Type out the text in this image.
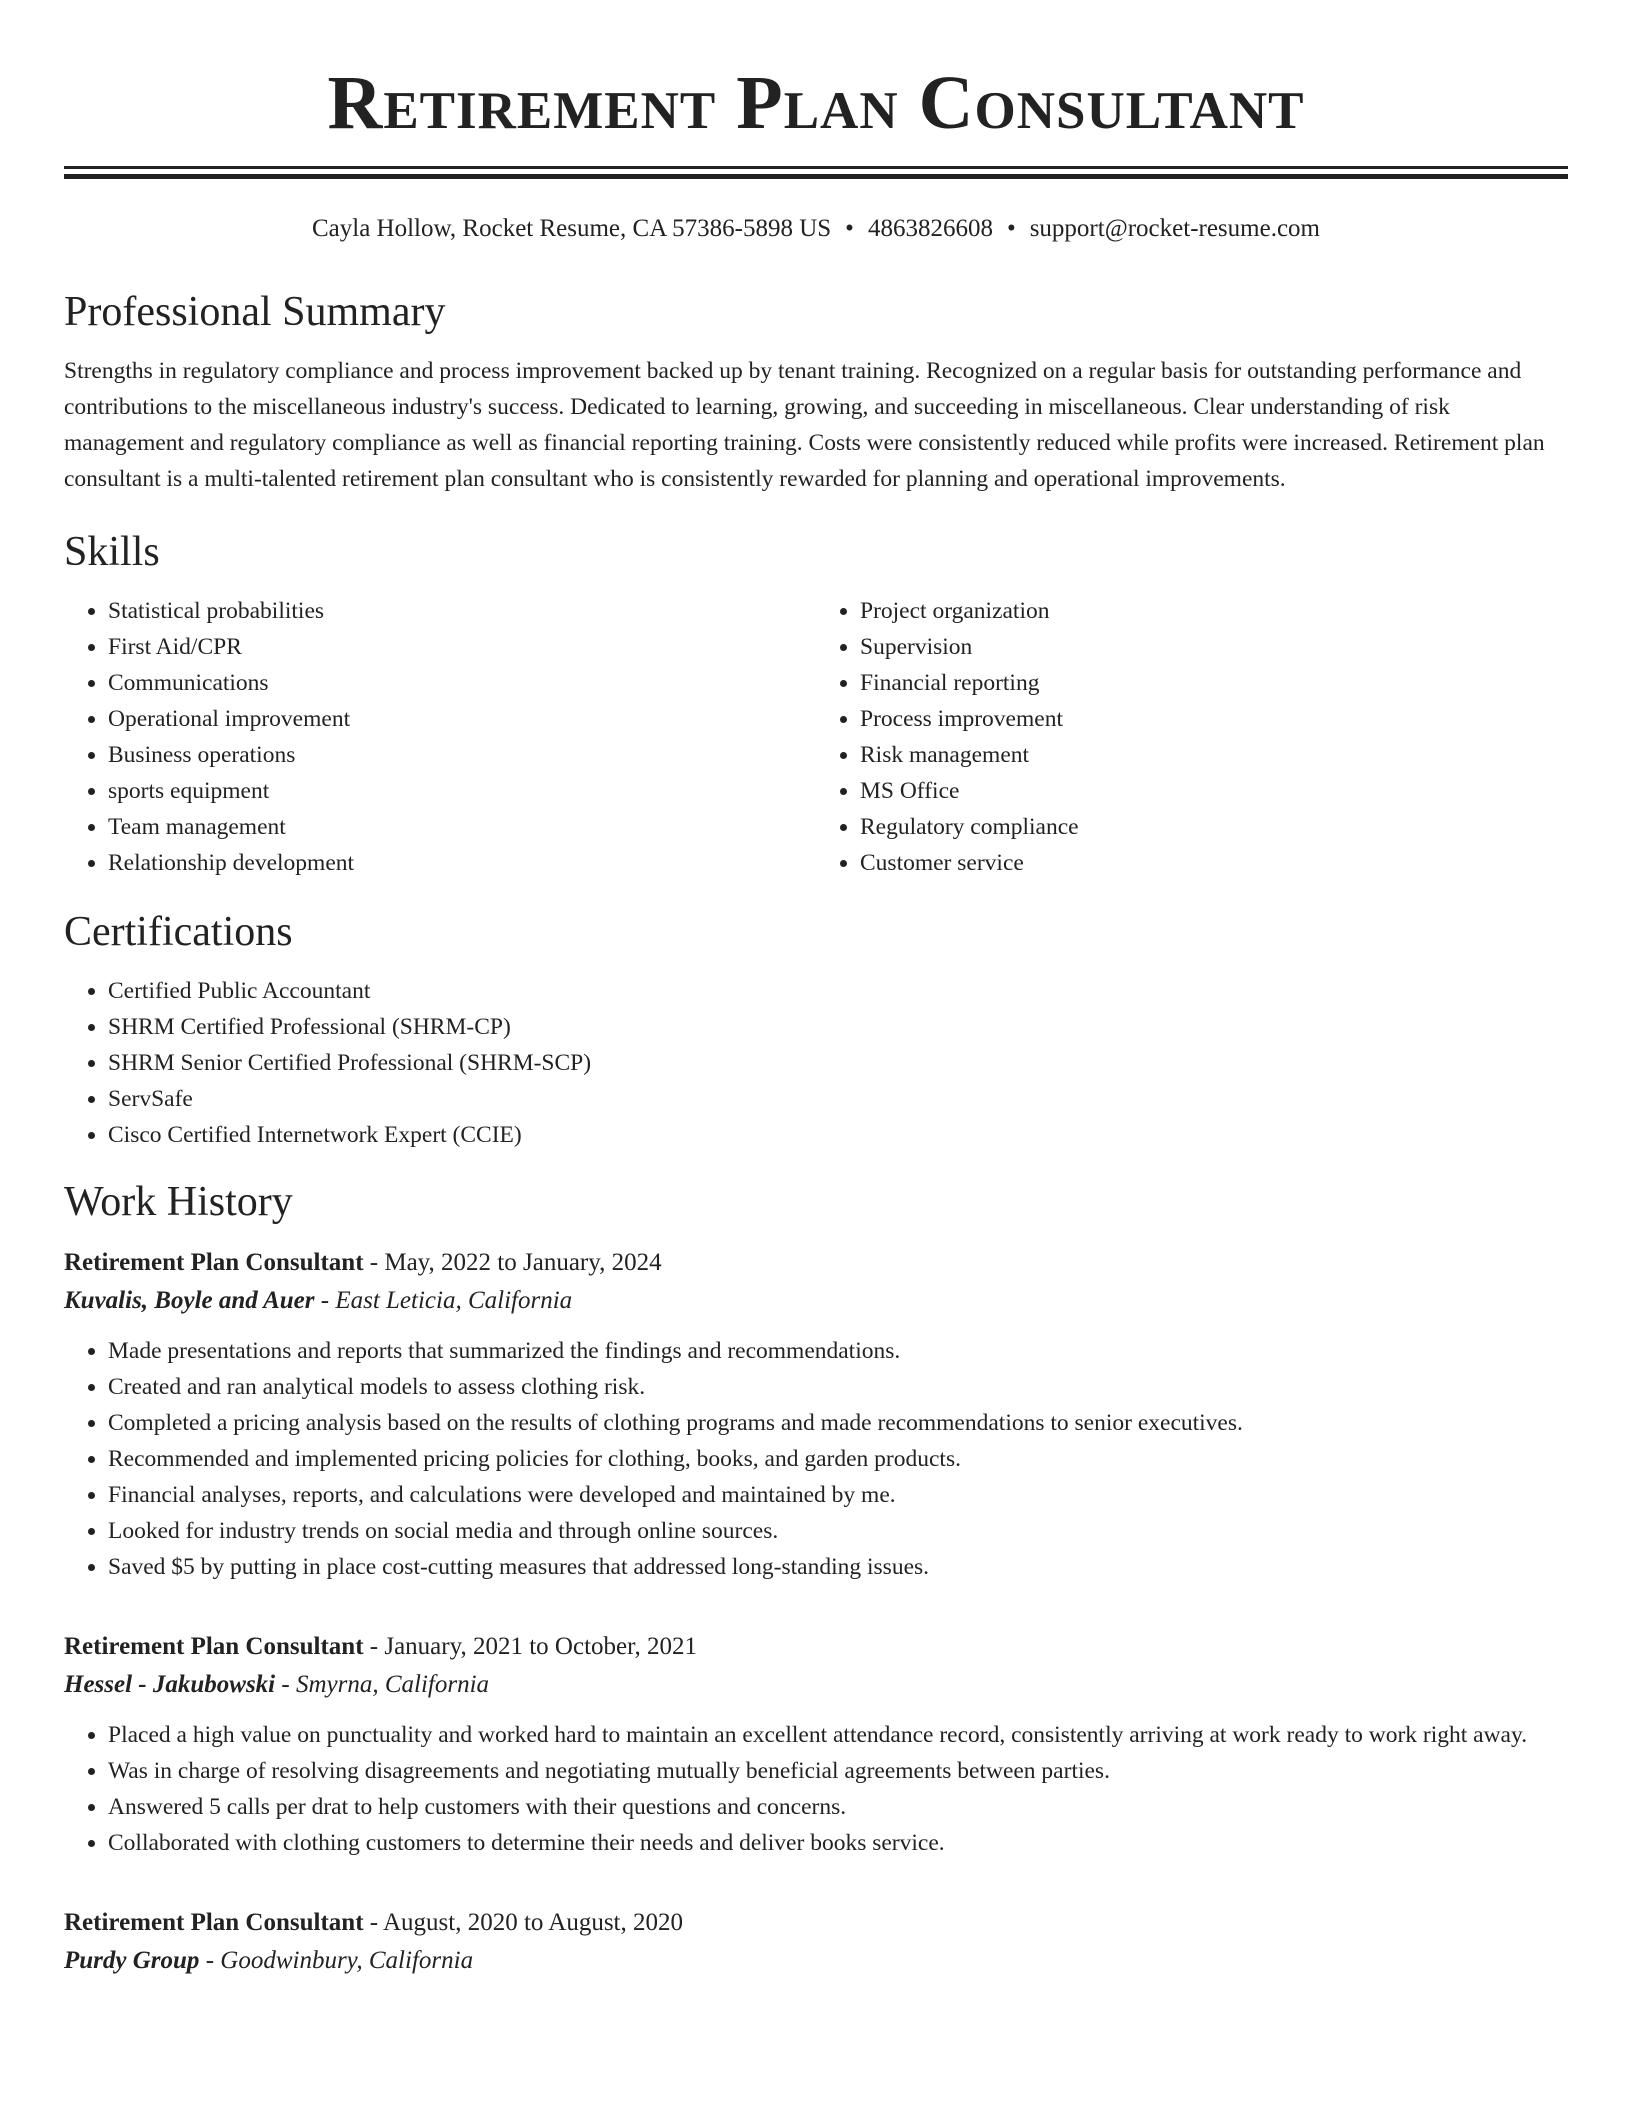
Retirement Plan Consultant
Cayla Hollow, Rocket Resume, CA 57386-5898 US • 4863826608 • support@rocket-resume.com
Professional Summary

Strengths in regulatory compliance and process improvement backed up by tenant training. Recognized on a regular basis for outstanding performance and contributions to the miscellaneous industry's success. Dedicated to learning, growing, and succeeding in miscellaneous. Clear understanding of risk management and regulatory compliance as well as financial reporting training. Costs were consistently reduced while profits were increased. Retirement plan consultant is a multi-talented retirement plan consultant who is consistently rewarded for planning and operational improvements.

Skills
• Statistical probabilities
• First Aid/CPR
• Communications
• Operational improvement
• Business operations
• sports equipment
• Team management
• Relationship development
• Project organization
• Supervision
• Financial reporting
• Process improvement
• Risk management
• MS Office
• Regulatory compliance
• Customer service
Certifications
• Certified Public Accountant
• SHRM Certified Professional (SHRM-CP)
• SHRM Senior Certified Professional (SHRM-SCP)
• ServSafe
• Cisco Certified Internetwork Expert (CCIE)
Work History
Retirement Plan Consultant - May, 2022 to January, 2024
Kuvalis, Boyle and Auer - East Leticia, California
• Made presentations and reports that summarized the findings and recommendations.
• Created and ran analytical models to assess clothing risk.
• Completed a pricing analysis based on the results of clothing programs and made recommendations to senior executives.
• Recommended and implemented pricing policies for clothing, books, and garden products.
• Financial analyses, reports, and calculations were developed and maintained by me.
• Looked for industry trends on social media and through online sources.
• Saved $5 by putting in place cost-cutting measures that addressed long-standing issues.
Retirement Plan Consultant - January, 2021 to October, 2021
Hessel - Jakubowski - Smyrna, California
• Placed a high value on punctuality and worked hard to maintain an excellent attendance record, consistently arriving at work ready to work right away.
• Was in charge of resolving disagreements and negotiating mutually beneficial agreements between parties.
• Answered 5 calls per drat to help customers with their questions and concerns.
• Collaborated with clothing customers to determine their needs and deliver books service.
Retirement Plan Consultant - August, 2020 to August, 2020
Purdy Group - Goodwinbury, California
